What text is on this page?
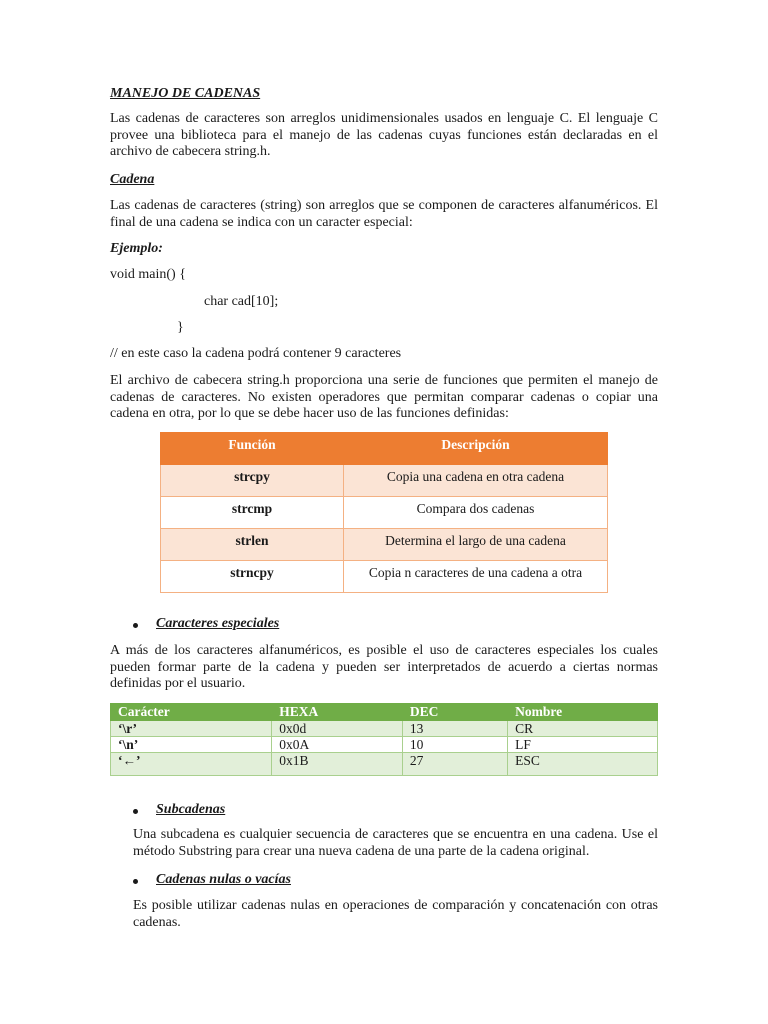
MANEJO DE CADENAS
Las cadenas de caracteres son arreglos unidimensionales usados en lenguaje C. El lenguaje C provee una biblioteca para el manejo de las cadenas cuyas funciones están declaradas en el archivo de cabecera string.h.
Cadena
Las cadenas de caracteres (string) son arreglos que se componen de caracteres alfanuméricos. El final de una cadena se indica con un caracter especial:
Ejemplo:
void main() {
char cad[10];
}
// en este caso la cadena podrá contener 9 caracteres
El archivo de cabecera string.h proporciona una serie de funciones que permiten el manejo de cadenas de caracteres. No existen operadores que permitan comparar cadenas o copiar una cadena en otra, por lo que se debe hacer uso de las funciones definidas:
Función	Descripción
strcpy	Copia una cadena en otra cadena
strcmp	Compara dos cadenas
strlen	Determina el largo de una cadena
strncpy	Copia n caracteres de una cadena a otra
Caracteres especiales
A más de los caracteres alfanuméricos, es posible el uso de caracteres especiales los cuales pueden formar parte de la cadena y pueden ser interpretados de acuerdo a ciertas normas definidas por el usuario.
Carácter	HEXA	DEC	Nombre
‘\r’	0x0d	13	CR
‘\n’	0x0A	10	LF
‘←’	0x1B	27	ESC
Subcadenas
Una subcadena es cualquier secuencia de caracteres que se encuentra en una cadena. Use el método Substring para crear una nueva cadena de una parte de la cadena original.
Cadenas nulas o vacías
Es posible utilizar cadenas nulas en operaciones de comparación y concatenación con otras cadenas.
